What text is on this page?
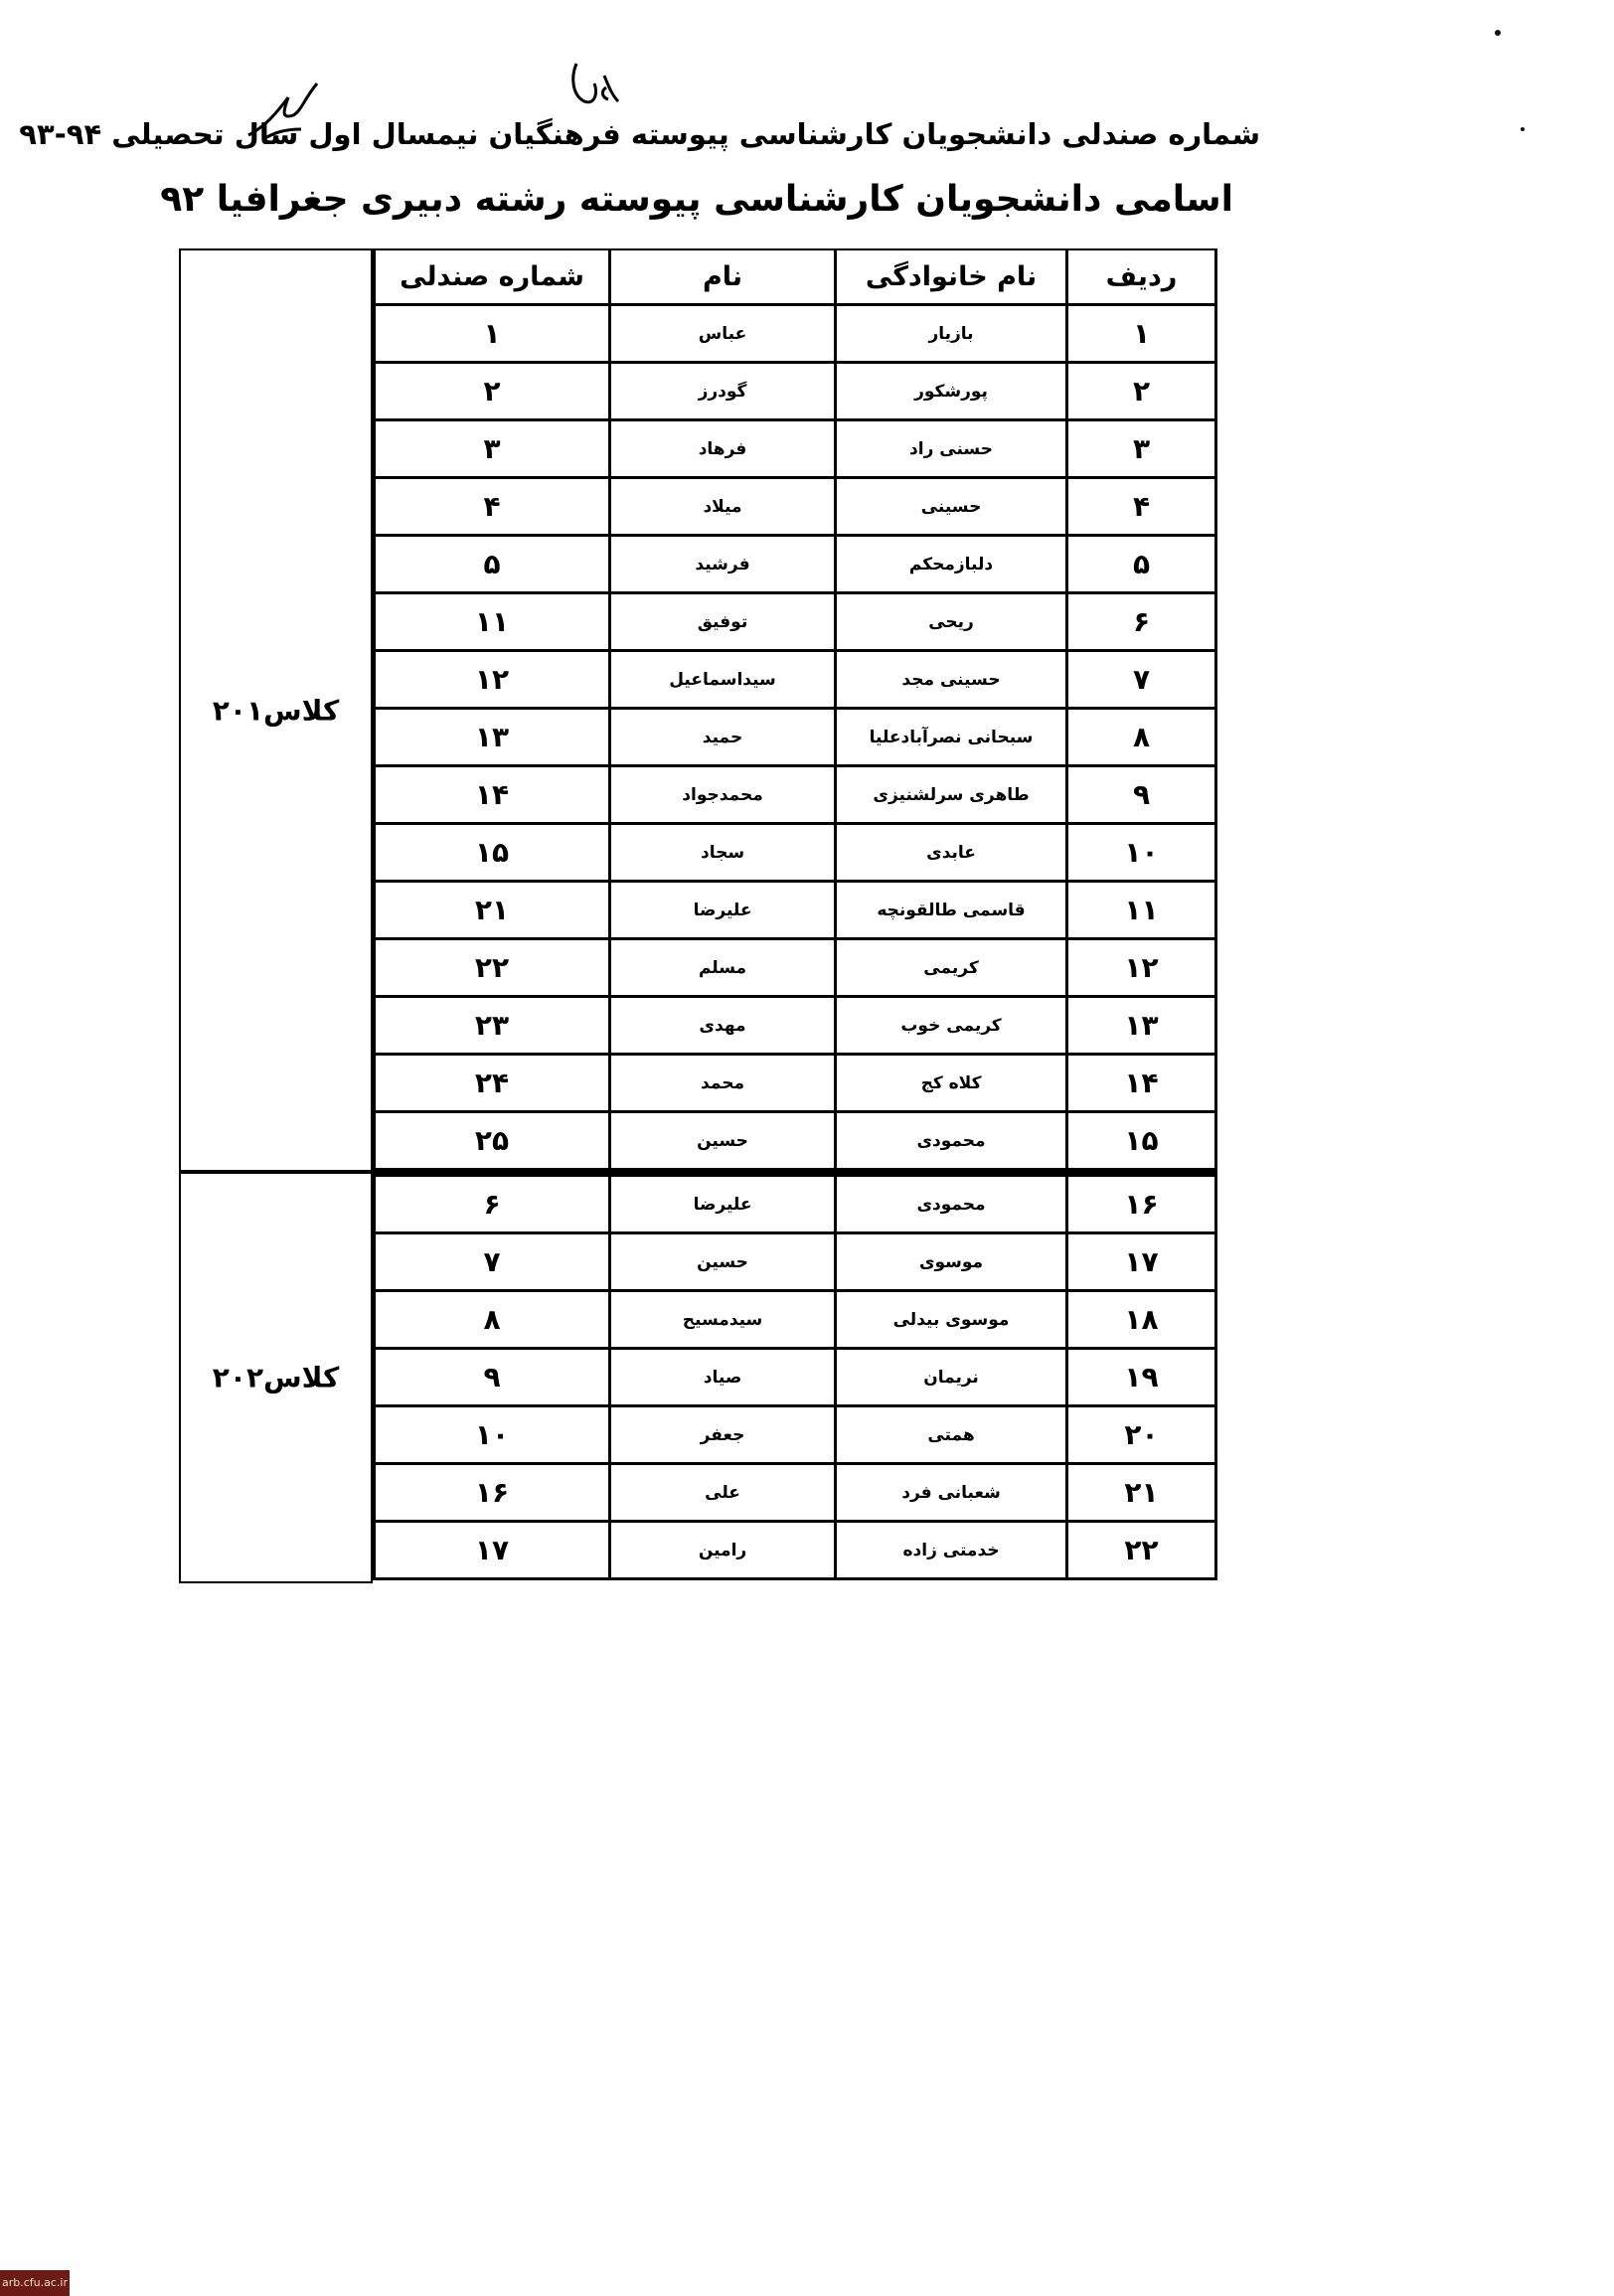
شماره صندلی دانشجویان کارشناسی پیوسته فرهنگیان نیمسال اول سال تحصیلی ۹۴-۹۳
اسامی دانشجویان کارشناسی پیوسته رشته دبیری جغرافیا ۹۲
کلاس۲۰۱
کلاس۲۰۲
ردیف
نام خانوادگی
نام
شماره صندلی
۱
بازیار
عباس
۱
۲
پورشکور
گودرز
۲
۳
حسنی راد
فرهاد
۳
۴
حسینی
میلاد
۴
۵
دلبازمحکم
فرشید
۵
۶
ریحی
توفیق
۱۱
۷
حسینی مجد
سیداسماعیل
۱۲
۸
سبحانی نصرآبادعلیا
حمید
۱۳
۹
طاهری سرلشنیزی
محمدجواد
۱۴
۱۰
عابدی
سجاد
۱۵
۱۱
قاسمی طالقونچه
علیرضا
۲۱
۱۲
کریمی
مسلم
۲۲
۱۳
کریمی خوب
مهدی
۲۳
۱۴
کلاه کج
محمد
۲۴
۱۵
محمودی
حسین
۲۵
۱۶
محمودی
علیرضا
۶
۱۷
موسوی
حسین
۷
۱۸
موسوی بیدلی
سیدمسیح
۸
۱۹
نریمان
صیاد
۹
۲۰
همتی
جعفر
۱۰
۲۱
شعبانی فرد
علی
۱۶
۲۲
خدمتی زاده
رامین
۱۷
arb.cfu.ac.ir
